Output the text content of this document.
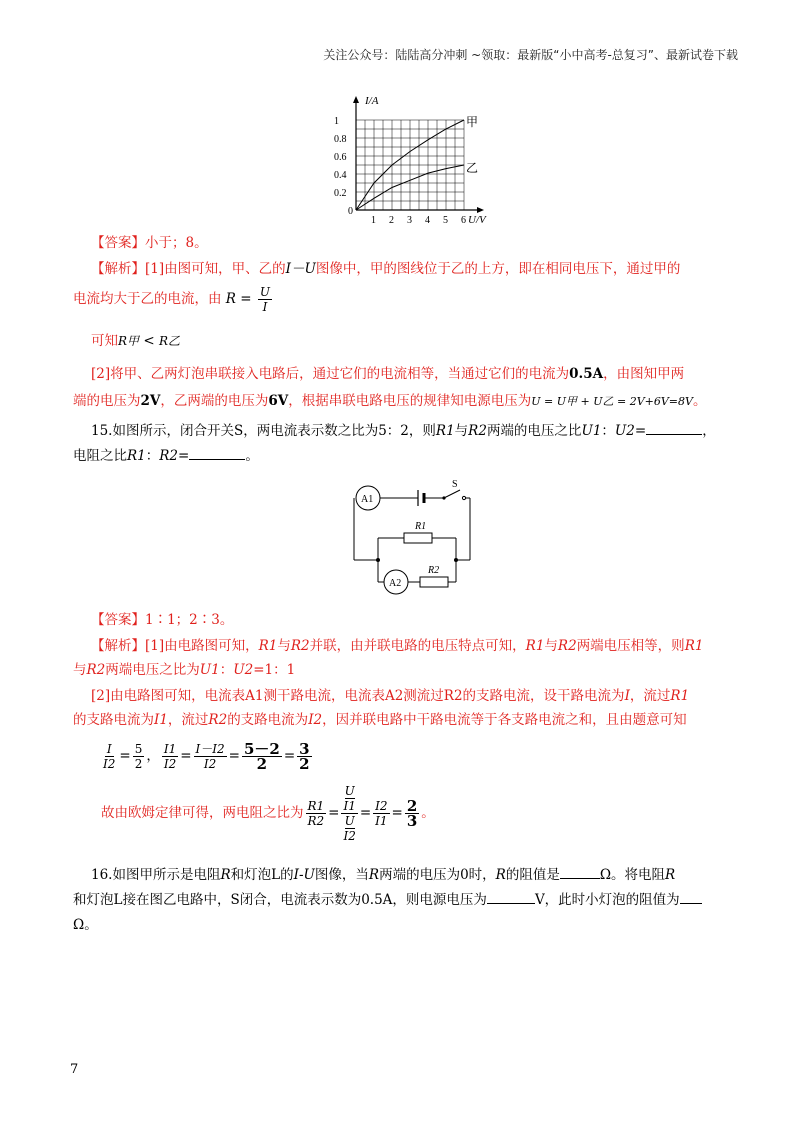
关注公众号：陆陆高分冲刺 ~领取：最新版“小中高考-总复习”、最新试卷下载
I/A
U/V
0
0.2
0.4
0.6
0.8
1
1 2 3 4 5 6
甲
乙
【答案】小于；8。
【解析】[1]由图可知，甲、乙的I－U图像中，甲的图线位于乙的上方，即在相同电压下，通过甲的
电流均大于乙的电流，由 $R = \frac{U}{I}$
可知R甲 < R乙
[2]将甲、乙两灯泡串联接入电路后，通过它们的电流相等，当通过它们的电流为0.5A，由图知甲两
端的电压为2V，乙两端的电压为6V，根据串联电路电压的规律知电源电压为U = U甲 + U乙 = 2V+6V=8V。
15.如图所示，闭合开关S，两电流表示数之比为5：2，则R1与R2两端的电压之比U1：U2=	，
电阻之比R1：R2=	。
A1
S
R1
A2
R2
【答案】1∶1；2∶3。
【解析】[1]由电路图可知，R1与R2并联，由并联电路的电压特点可知，R1与R2两端电压相等，则R1
与R2两端电压之比为U1：U2=1：1
[2]由电路图可知，电流表A1测干路电流，电流表A2测流过R2的支路电流，设干路电流为I，流过R1
的支路电流为I1，流过R2的支路电流为I2，因并联电路中干路电流等于各支路电流之和，且由题意可知
$\frac{I}{I2} = \frac{5}{2}$ ， $\frac{I1}{I2} = \frac{I-I2}{I2} = \frac{5-2}{2} = \frac{3}{2}$
故由欧姆定律可得，两电阻之比为 $\frac{R1}{R2} = U$
I1
U
$I2 = \frac{I2}{I1} = \frac{2}{3}$ 。
16.如图甲所示是电阻R和灯泡L的I-U图像，当R两端的电压为0时，R的阻值是	Ω。将电阻R
和灯泡L接在图乙电路中，S闭合，电流表示数为0.5A，则电源电压为	V，此时小灯泡的阻值为
Ω。
7
